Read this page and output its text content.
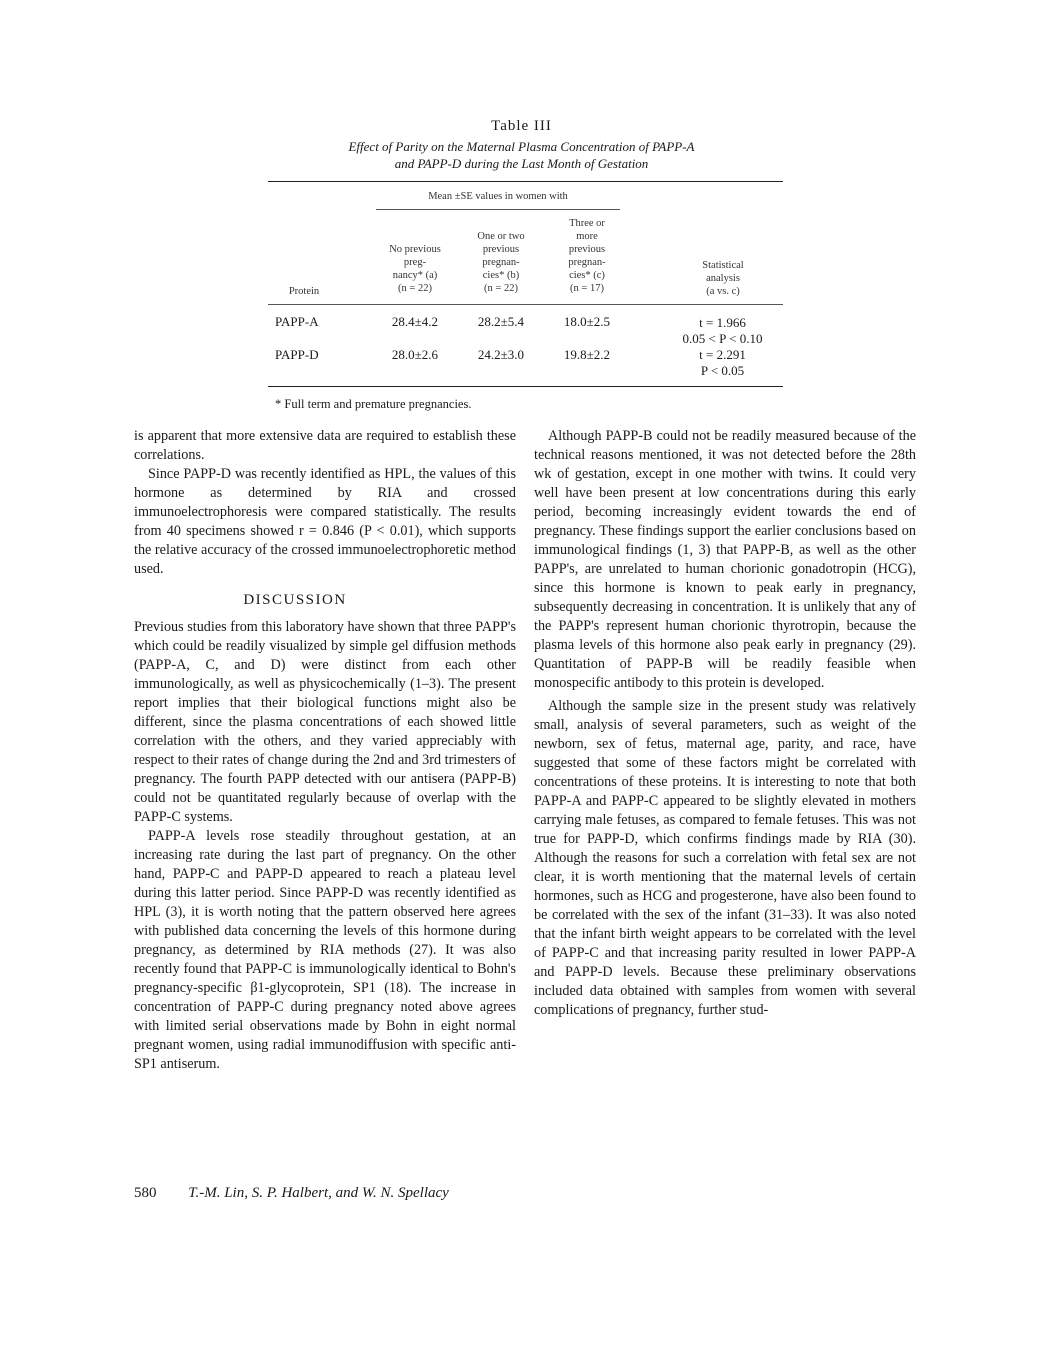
Table III
Effect of Parity on the Maternal Plasma Concentration of PAPP-A
and PAPP-D during the Last Month of Gestation
Mean ±SE values in women with
Protein
No previous
preg-
nancy* (a)
(n = 22)
One or two
previous
pregnan-
cies* (b)
(n = 22)
Three or
more
previous
pregnan-
cies* (c)
(n = 17)
Statistical
analysis
(a vs. c)
PAPP-A	28.4±4.2	28.2±5.4	18.0±2.5	t = 1.966
0.05 < P < 0.10
PAPP-D	28.0±2.6	24.2±3.0	19.8±2.2	t = 2.291
P < 0.05
* Full term and premature pregnancies.

is apparent that more extensive data are required to establish these correlations.

Since PAPP-D was recently identified as HPL, the values of this hormone as determined by RIA and crossed immunoelectrophoresis were compared statistically. The results from 40 specimens showed r = 0.846 (P < 0.01), which supports the relative accuracy of the crossed immunoelectrophoretic method used.

DISCUSSION

Previous studies from this laboratory have shown that three PAPP's which could be readily visualized by simple gel diffusion methods (PAPP-A, C, and D) were distinct from each other immunologically, as well as physicochemically (1–3). The present report implies that their biological functions might also be different, since the plasma concentrations of each showed little correlation with the others, and they varied appreciably with respect to their rates of change during the 2nd and 3rd trimesters of pregnancy. The fourth PAPP detected with our antisera (PAPP-B) could not be quantitated regularly because of overlap with the PAPP-C systems.

PAPP-A levels rose steadily throughout gestation, at an increasing rate during the last part of pregnancy. On the other hand, PAPP-C and PAPP-D appeared to reach a plateau level during this latter period. Since PAPP-D was recently identified as HPL (3), it is worth noting that the pattern observed here agrees with published data concerning the levels of this hormone during pregnancy, as determined by RIA methods (27). It was also recently found that PAPP-C is immunologically identical to Bohn's pregnancy-specific β1-glycoprotein, SP1 (18). The increase in concentration of PAPP-C during pregnancy noted above agrees with limited serial observations made by Bohn in eight normal pregnant women, using radial immunodiffusion with specific anti-SP1 antiserum.

Although PAPP-B could not be readily measured because of the technical reasons mentioned, it was not detected before the 28th wk of gestation, except in one mother with twins. It could very well have been present at low concentrations during this early period, becoming increasingly evident towards the end of pregnancy. These findings support the earlier conclusions based on immunological findings (1, 3) that PAPP-B, as well as the other PAPP's, are unrelated to human chorionic gonadotropin (HCG), since this hormone is known to peak early in pregnancy, subsequently decreasing in concentration. It is unlikely that any of the PAPP's represent human chorionic thyrotropin, because the plasma levels of this hormone also peak early in pregnancy (29). Quantitation of PAPP-B will be readily feasible when monospecific antibody to this protein is developed.

Although the sample size in the present study was relatively small, analysis of several parameters, such as weight of the newborn, sex of fetus, maternal age, parity, and race, have suggested that some of these factors might be correlated with concentrations of these proteins. It is interesting to note that both PAPP-A and PAPP-C appeared to be slightly elevated in mothers carrying male fetuses, as compared to female fetuses. This was not true for PAPP-D, which confirms findings made by RIA (30). Although the reasons for such a correlation with fetal sex are not clear, it is worth mentioning that the maternal levels of certain hormones, such as HCG and progesterone, have also been found to be correlated with the sex of the infant (31–33). It was also noted that the infant birth weight appears to be correlated with the level of PAPP-C and that increasing parity resulted in lower PAPP-A and PAPP-D levels. Because these preliminary observations included data obtained with samples from women with several complications of pregnancy, further stud-

580 T.-M. Lin, S. P. Halbert, and W. N. Spellacy
